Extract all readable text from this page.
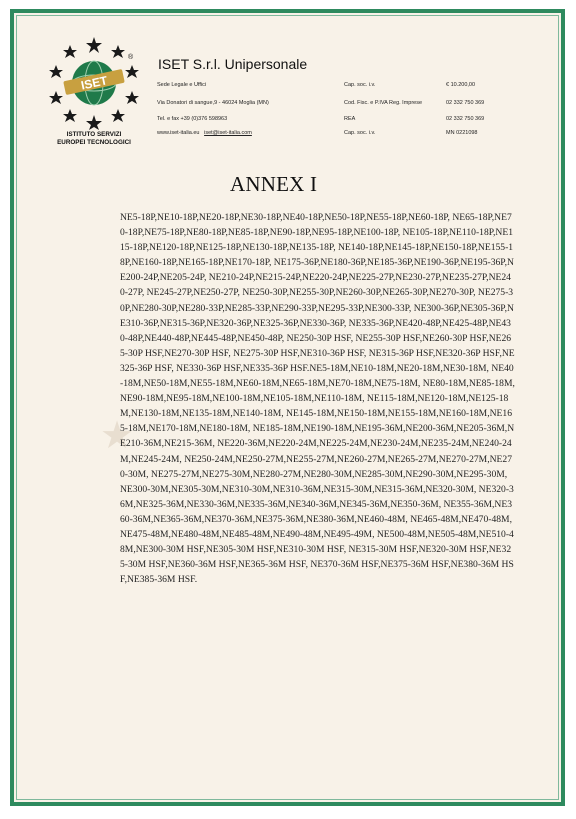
★
ISET
®
ISTITUTO SERVIZI
EUROPEI TECNOLOGICI
ISET S.r.l. Unipersonale
Sede Legale e Uffici
Via Donatori di sangue,9 - 46024 Moglia (MN)
Tel. e fax +39 (0)376 598963
www.iset-italia.eu iset@iset-italia.com
Cap. soc. i.v.
Cod. Fisc. e P.IVA Reg. Imprese
REA
Cap. soc. i.v.
€ 10.200,00
02 332 750 369
02 332 750 369
MN 0221098
ANNEX I
NE5-18P,NE10-18P,NE20-18P,NE30-18P,NE40-18P,NE50-18P,NE55-18P,NE60-18P, NE65-18P,NE70-18P,NE75-18P,NE80-18P,NE85-18P,NE90-18P,NE95-18P,NE100-18P, NE105-18P,NE110-18P,NE115-18P,NE120-18P,NE125-18P,NE130-18P,NE135-18P, NE140-18P,NE145-18P,NE150-18P,NE155-18P,NE160-18P,NE165-18P,NE170-18P, NE175-36P,NE180-36P,NE185-36P,NE190-36P,NE195-36P,NE200-24P,NE205-24P, NE210-24P,NE215-24P,NE220-24P,NE225-27P,NE230-27P,NE235-27P,NE240-27P, NE245-27P,NE250-27P, NE250-30P,NE255-30P,NE260-30P,NE265-30P,NE270-30P, NE275-30P,NE280-30P,NE280-33P,NE285-33P,NE290-33P,NE295-33P,NE300-33P, NE300-36P,NE305-36P,NE310-36P,NE315-36P,NE320-36P,NE325-36P,NE330-36P, NE335-36P,NE420-48P,NE425-48P,NE430-48P,NE440-48P,NE445-48P,NE450-48P, NE250-30P HSF, NE255-30P HSF,NE260-30P HSF,NE265-30P HSF,NE270-30P HSF, NE275-30P HSF,NE310-36P HSF, NE315-36P HSF,NE320-36P HSF,NE325-36P HSF, NE330-36P HSF,NE335-36P HSF.NE5-18M,NE10-18M,NE20-18M,NE30-18M, NE40-18M,NE50-18M,NE55-18M,NE60-18M,NE65-18M,NE70-18M,NE75-18M, NE80-18M,NE85-18M,NE90-18M,NE95-18M,NE100-18M,NE105-18M,NE110-18M, NE115-18M,NE120-18M,NE125-18M,NE130-18M,NE135-18M,NE140-18M, NE145-18M,NE150-18M,NE155-18M,NE160-18M,NE165-18M,NE170-18M,NE180-18M, NE185-18M,NE190-18M,NE195-36M,NE200-36M,NE205-36M,NE210-36M,NE215-36M, NE220-36M,NE220-24M,NE225-24M,NE230-24M,NE235-24M,NE240-24M,NE245-24M, NE250-24M,NE250-27M,NE255-27M,NE260-27M,NE265-27M,NE270-27M,NE270-30M, NE275-27M,NE275-30M,NE280-27M,NE280-30M,NE285-30M,NE290-30M,NE295-30M, NE300-30M,NE305-30M,NE310-30M,NE310-36M,NE315-30M,NE315-36M,NE320-30M, NE320-36M,NE325-36M,NE330-36M,NE335-36M,NE340-36M,NE345-36M,NE350-36M, NE355-36M,NE360-36M,NE365-36M,NE370-36M,NE375-36M,NE380-36M,NE460-48M, NE465-48M,NE470-48M,NE475-48M,NE480-48M,NE485-48M,NE490-48M,NE495-49M, NE500-48M,NE505-48M,NE510-48M,NE300-30M HSF,NE305-30M HSF,NE310-30M HSF, NE315-30M HSF,NE320-30M HSF,NE325-30M HSF,NE360-36M HSF,NE365-36M HSF, NE370-36M HSF,NE375-36M HSF,NE380-36M HSF,NE385-36M HSF.
